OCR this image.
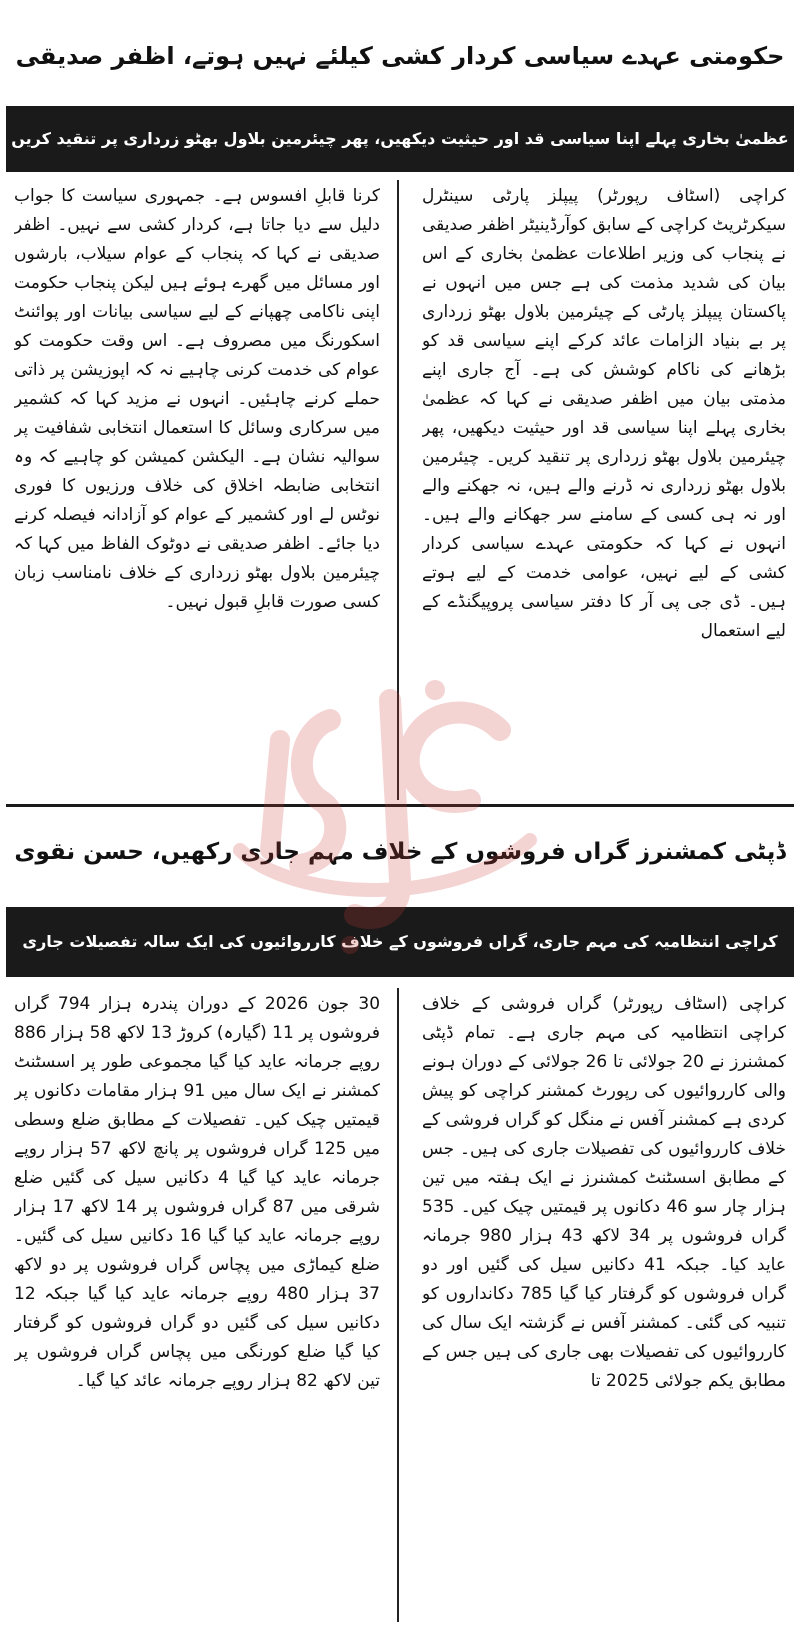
حکومتی عہدے سیاسی کردار کشی کیلئے نہیں ہوتے، اظفر صدیقی
عظمیٰ بخاری پہلے اپنا سیاسی قد اور حیثیت دیکھیں، پھر چیئرمین بلاول بھٹو زرداری پر تنقید کریں

کراچی (اسٹاف رپورٹر) پیپلز پارٹی سینٹرل سیکرٹریٹ کراچی کے سابق کوآرڈینیٹر اظفر صدیقی نے پنجاب کی وزیر اطلاعات عظمیٰ بخاری کے اس بیان کی شدید مذمت کی ہے جس میں انہوں نے پاکستان پیپلز پارٹی کے چیئرمین بلاول بھٹو زرداری پر بے بنیاد الزامات عائد کرکے اپنے سیاسی قد کو بڑھانے کی ناکام کوشش کی ہے۔ آج جاری اپنے مذمتی بیان میں اظفر صدیقی نے کہا کہ عظمیٰ بخاری پہلے اپنا سیاسی قد اور حیثیت دیکھیں، پھر چیئرمین بلاول بھٹو زرداری پر تنقید کریں۔ چیئرمین بلاول بھٹو زرداری نہ ڈرنے والے ہیں، نہ جھکنے والے اور نہ ہی کسی کے سامنے سر جھکانے والے ہیں۔ انہوں نے کہا کہ حکومتی عہدے سیاسی کردار کشی کے لیے نہیں، عوامی خدمت کے لیے ہوتے ہیں۔ ڈی جی پی آر کا دفتر سیاسی پروپیگنڈے کے لیے استعمال

کرنا قابلِ افسوس ہے۔ جمہوری سیاست کا جواب دلیل سے دیا جاتا ہے، کردار کشی سے نہیں۔ اظفر صدیقی نے کہا کہ پنجاب کے عوام سیلاب، بارشوں اور مسائل میں گھرے ہوئے ہیں لیکن پنجاب حکومت اپنی ناکامی چھپانے کے لیے سیاسی بیانات اور پوائنٹ اسکورنگ میں مصروف ہے۔ اس وقت حکومت کو عوام کی خدمت کرنی چاہیے نہ کہ اپوزیشن پر ذاتی حملے کرنے چاہئیں۔ انہوں نے مزید کہا کہ کشمیر میں سرکاری وسائل کا استعمال انتخابی شفافیت پر سوالیہ نشان ہے۔ الیکشن کمیشن کو چاہیے کہ وہ انتخابی ضابطہ اخلاق کی خلاف ورزیوں کا فوری نوٹس لے اور کشمیر کے عوام کو آزادانہ فیصلہ کرنے دیا جائے۔ اظفر صدیقی نے دوٹوک الفاظ میں کہا کہ چیئرمین بلاول بھٹو زرداری کے خلاف نامناسب زبان کسی صورت قابلِ قبول نہیں۔

ڈپٹی کمشنرز گراں فروشوں کے خلاف مہم جاری رکھیں، حسن نقوی
کراچی انتظامیہ کی مہم جاری، گراں فروشوں کے خلاف کارروائیوں کی ایک سالہ تفصیلات جاری

کراچی (اسٹاف رپورٹر) گراں فروشی کے خلاف کراچی انتظامیہ کی مہم جاری ہے۔ تمام ڈپٹی کمشنرز نے 20 جولائی تا 26 جولائی کے دوران ہونے والی کارروائیوں کی رپورٹ کمشنر کراچی کو پیش کردی ہے کمشنر آفس نے منگل کو گراں فروشی کے خلاف کارروائیوں کی تفصیلات جاری کی ہیں۔ جس کے مطابق اسسٹنٹ کمشنرز نے ایک ہفتہ میں تین ہزار چار سو 46 دکانوں پر قیمتیں چیک کیں۔ 535 گراں فروشوں پر 34 لاکھ 43 ہزار 980 جرمانہ عاید کیا۔ جبکہ 41 دکانیں سیل کی گئیں اور دو گراں فروشوں کو گرفتار کیا گیا 785 دکانداروں کو تنبیہ کی گئی۔ کمشنر آفس نے گزشتہ ایک سال کی کارروائیوں کی تفصیلات بھی جاری کی ہیں جس کے مطابق یکم جولائی 2025 تا

30 جون 2026 کے دوران پندرہ ہزار 794 گراں فروشوں پر 11 (گیارہ) کروڑ 13 لاکھ 58 ہزار 886 روپے جرمانہ عاید کیا گیا مجموعی طور پر اسسٹنٹ کمشنر نے ایک سال میں 91 ہزار مقامات دکانوں پر قیمتیں چیک کیں۔ تفصیلات کے مطابق ضلع وسطی میں 125 گراں فروشوں پر پانچ لاکھ 57 ہزار روپے جرمانہ عاید کیا گیا 4 دکانیں سیل کی گئیں ضلع شرقی میں 87 گراں فروشوں پر 14 لاکھ 17 ہزار روپے جرمانہ عاید کیا گیا 16 دکانیں سیل کی گئیں۔ ضلع کیماڑی میں پچاس گراں فروشوں پر دو لاکھ 37 ہزار 480 روپے جرمانہ عاید کیا گیا جبکہ 12 دکانیں سیل کی گئیں دو گراں فروشوں کو گرفتار کیا گیا ضلع کورنگی میں پچاس گراں فروشوں پر تین لاکھ 82 ہزار روپے جرمانہ عائد کیا گیا۔
